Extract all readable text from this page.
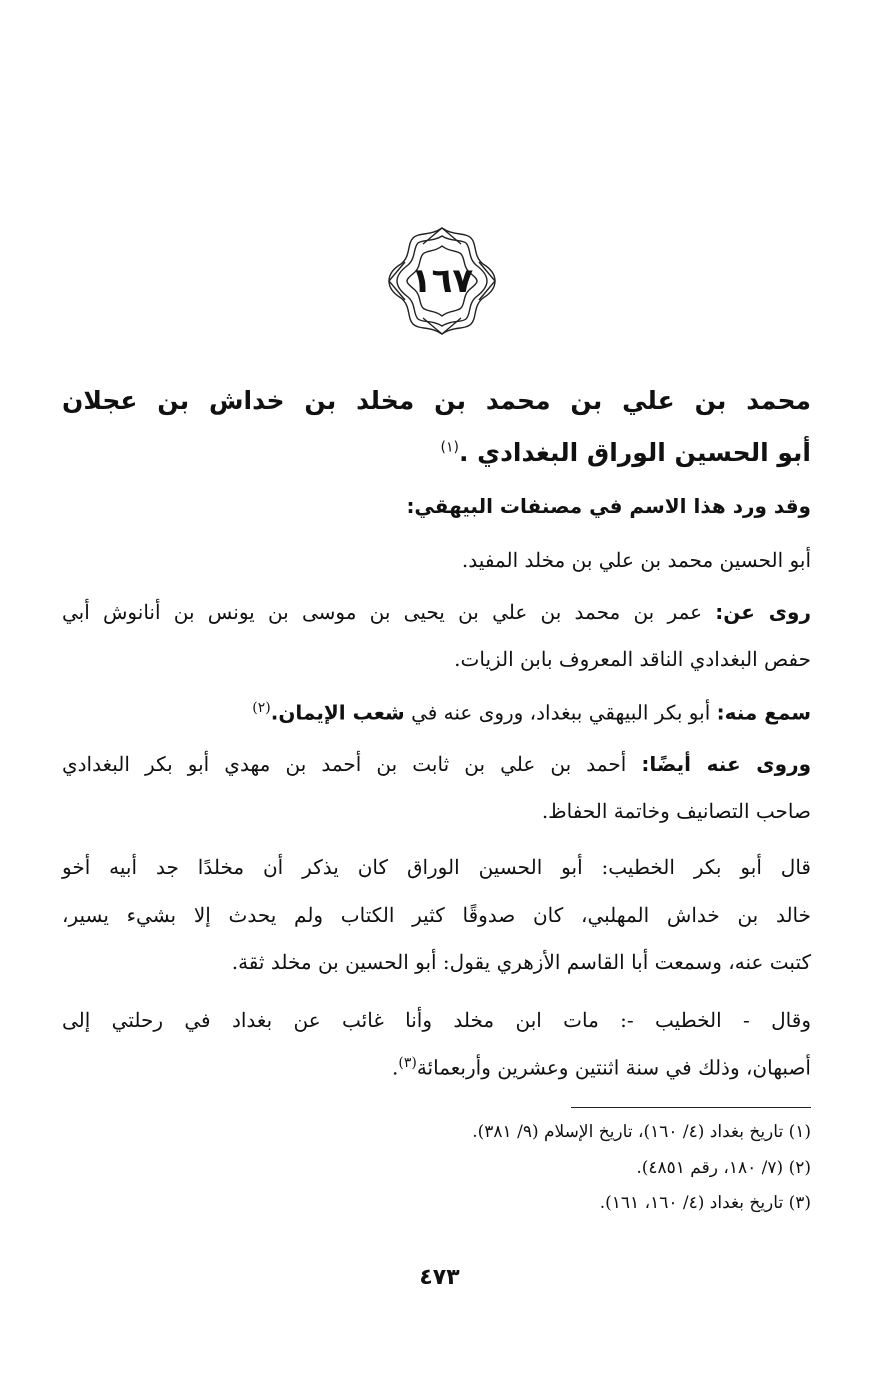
١٦٧
محمد بن علي بن محمد بن مخلد بن خداش بن عجلان
أبو الحسين الوراق البغدادي .$^{(١)}$
وقد ورد هذا الاسم في مصنفات البيهقي:
أبو الحسين محمد بن علي بن مخلد المفيد.
روى عن: عمر بن محمد بن علي بن يحيى بن موسى بن يونس بن أنانوش أبي
حفص البغدادي الناقد المعروف بابن الزيات.
سمع منه: أبو بكر البيهقي ببغداد، وروى عنه في شعب الإيمان.$^{(٢)}$
وروى عنه أيضًا: أحمد بن علي بن ثابت بن أحمد بن مهدي أبو بكر البغدادي
صاحب التصانيف وخاتمة الحفاظ.
قال أبو بكر الخطيب: أبو الحسين الوراق كان يذكر أن مخلدًا جد أبيه أخو
خالد بن خداش المهلبي، كان صدوقًا كثير الكتاب ولم يحدث إلا بشيء يسير،
كتبت عنه، وسمعت أبا القاسم الأزهري يقول: أبو الحسين بن مخلد ثقة.
وقال - الخطيب -: مات ابن مخلد وأنا غائب عن بغداد في رحلتي إلى
أصبهان، وذلك في سنة اثنتين وعشرين وأربعمائة$^{(٣)}$.
(١) تاريخ بغداد (٤/ ١٦٠)، تاريخ الإسلام (٩/ ٣٨١).
(٢) (٧/ ١٨٠، رقم ٤٨٥١).
(٣) تاريخ بغداد (٤/ ١٦٠، ١٦١).
٤٧٣
